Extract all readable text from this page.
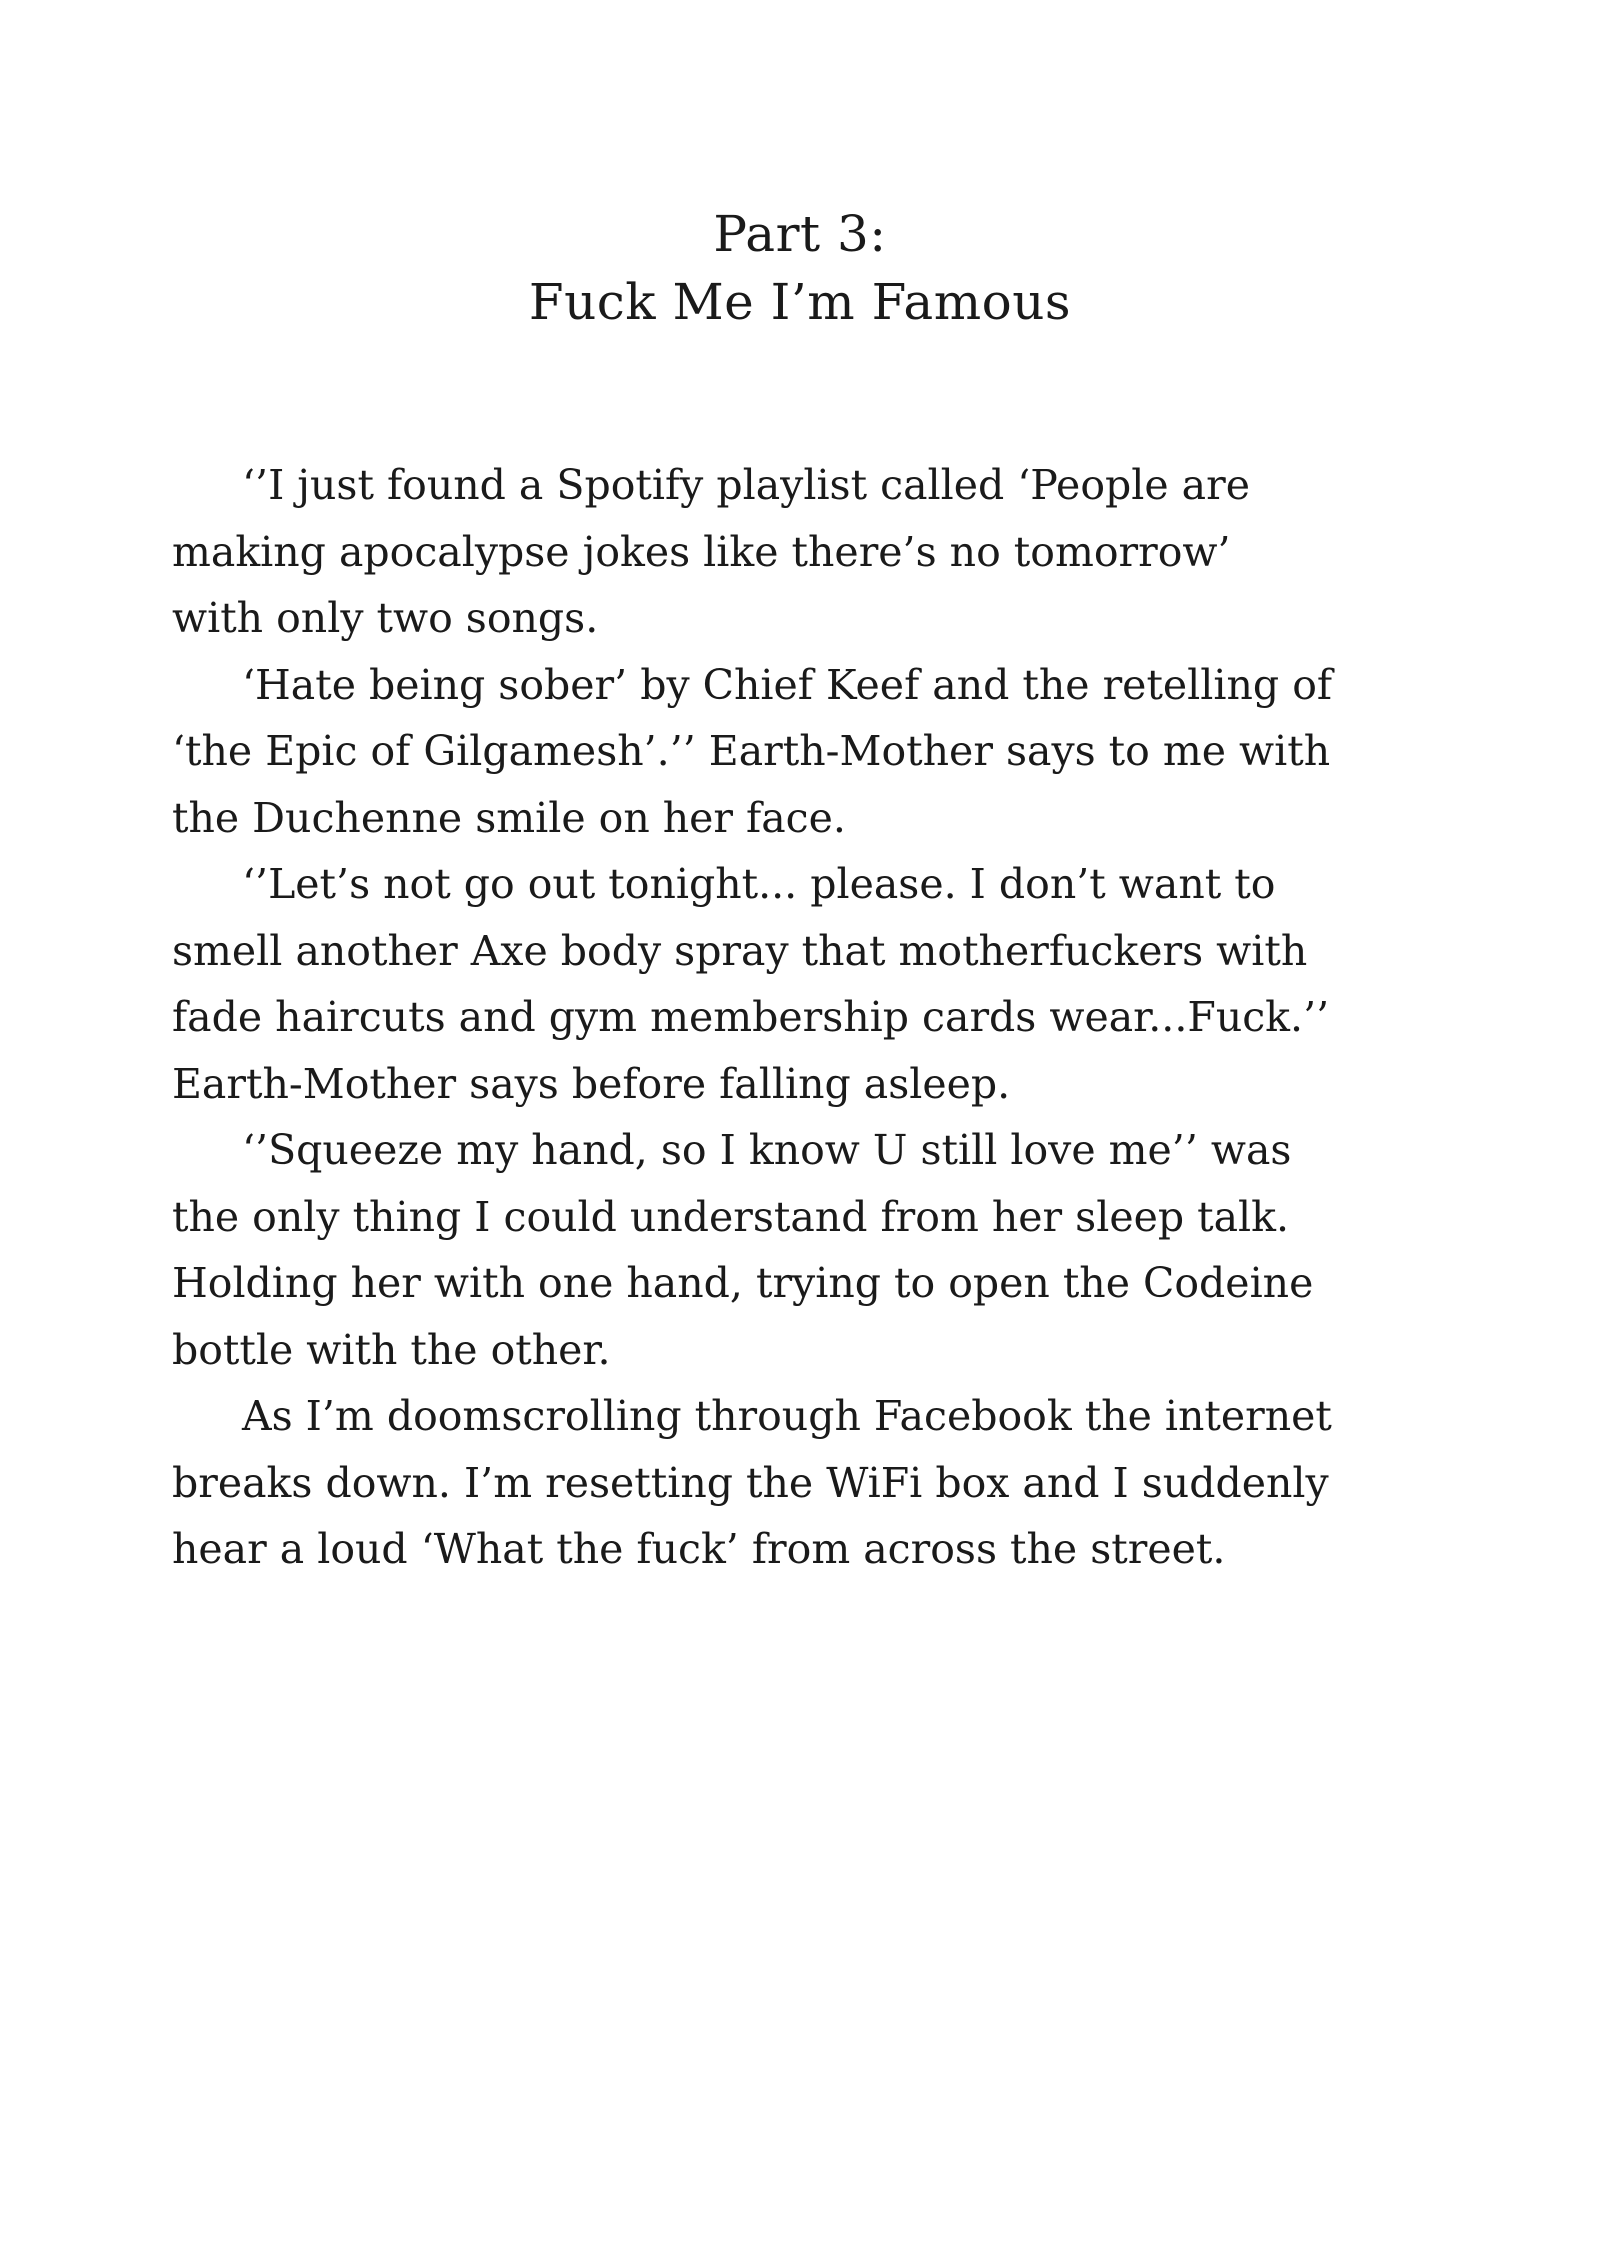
Part 3:
Fuck Me I’m Famous
‘’I just found a Spotify playlist called ‘People are
making apocalypse jokes like there’s no tomorrow’
with only two songs.
‘Hate being sober’ by Chief Keef and the retelling of
‘the Epic of Gilgamesh’.’’ Earth-Mother says to me with
the Duchenne smile on her face.
‘’Let’s not go out tonight... please. I don’t want to
smell another Axe body spray that motherfuckers with
fade haircuts and gym membership cards wear...Fuck.’’
Earth-Mother says before falling asleep.
‘’Squeeze my hand, so I know U still love me’’ was
the only thing I could understand from her sleep talk.
Holding her with one hand, trying to open the Codeine
bottle with the other.
As I’m doomscrolling through Facebook the internet
breaks down. I’m resetting the WiFi box and I suddenly
hear a loud ‘What the fuck’ from across the street.
